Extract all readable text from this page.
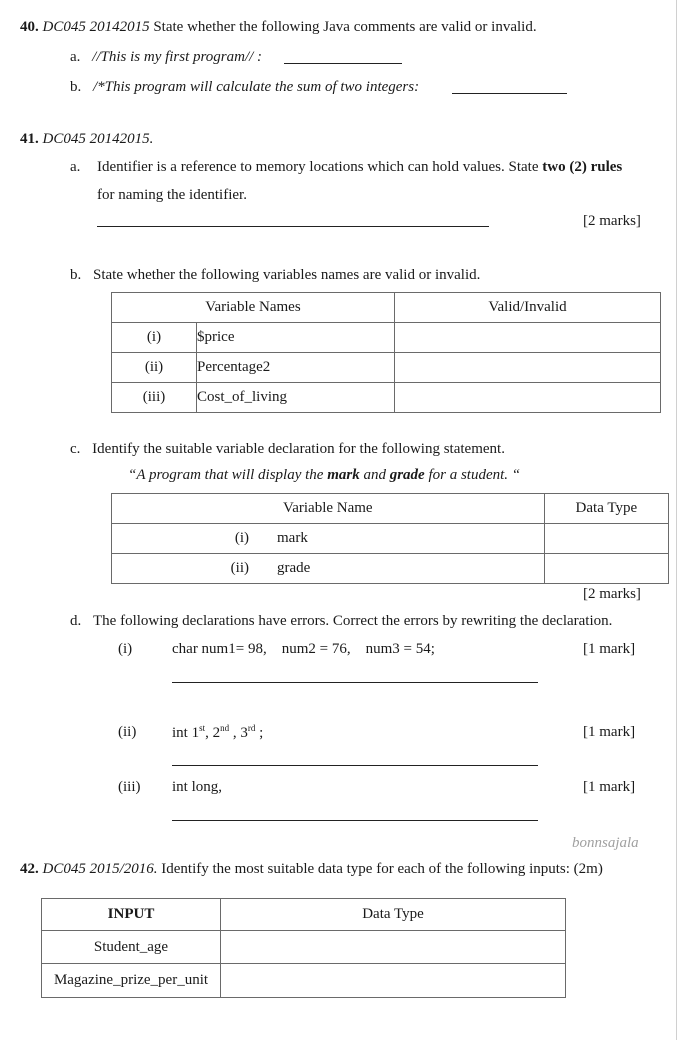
40. DC045 20142015 State whether the following Java comments are valid or invalid.
a. //This is my first program// :
b. /*This program will calculate the sum of two integers:
41. DC045 20142015.
a. Identifier is a reference to memory locations which can hold values. State two (2) rules
for naming the identifier.
[2 marks]
b. State whether the following variables names are valid or invalid.
Variable Names		Valid/Invalid
(i)	$price	
(ii)	Percentage2	
(iii)	Cost_of_living	
c. Identify the suitable variable declaration for the following statement.
“A program that will display the mark and grade for a student. “
Variable Name		Data Type
(i)	mark	
(ii)	grade	
[2 marks]
d. The following declarations have errors. Correct the errors by rewriting the declaration.
(i)	char num1= 98,    num2 = 76,    num3 = 54;	[1 mark]
(ii) int 1st, 2nd , 3rd ;	[1 mark]
(iii) int long,	[1 mark]
bonnsajala
42. DC045 2015/2016. Identify the most suitable data type for each of the following inputs: (2m)
INPUT	Data Type
Student_age	
Magazine_prize_per_unit	
